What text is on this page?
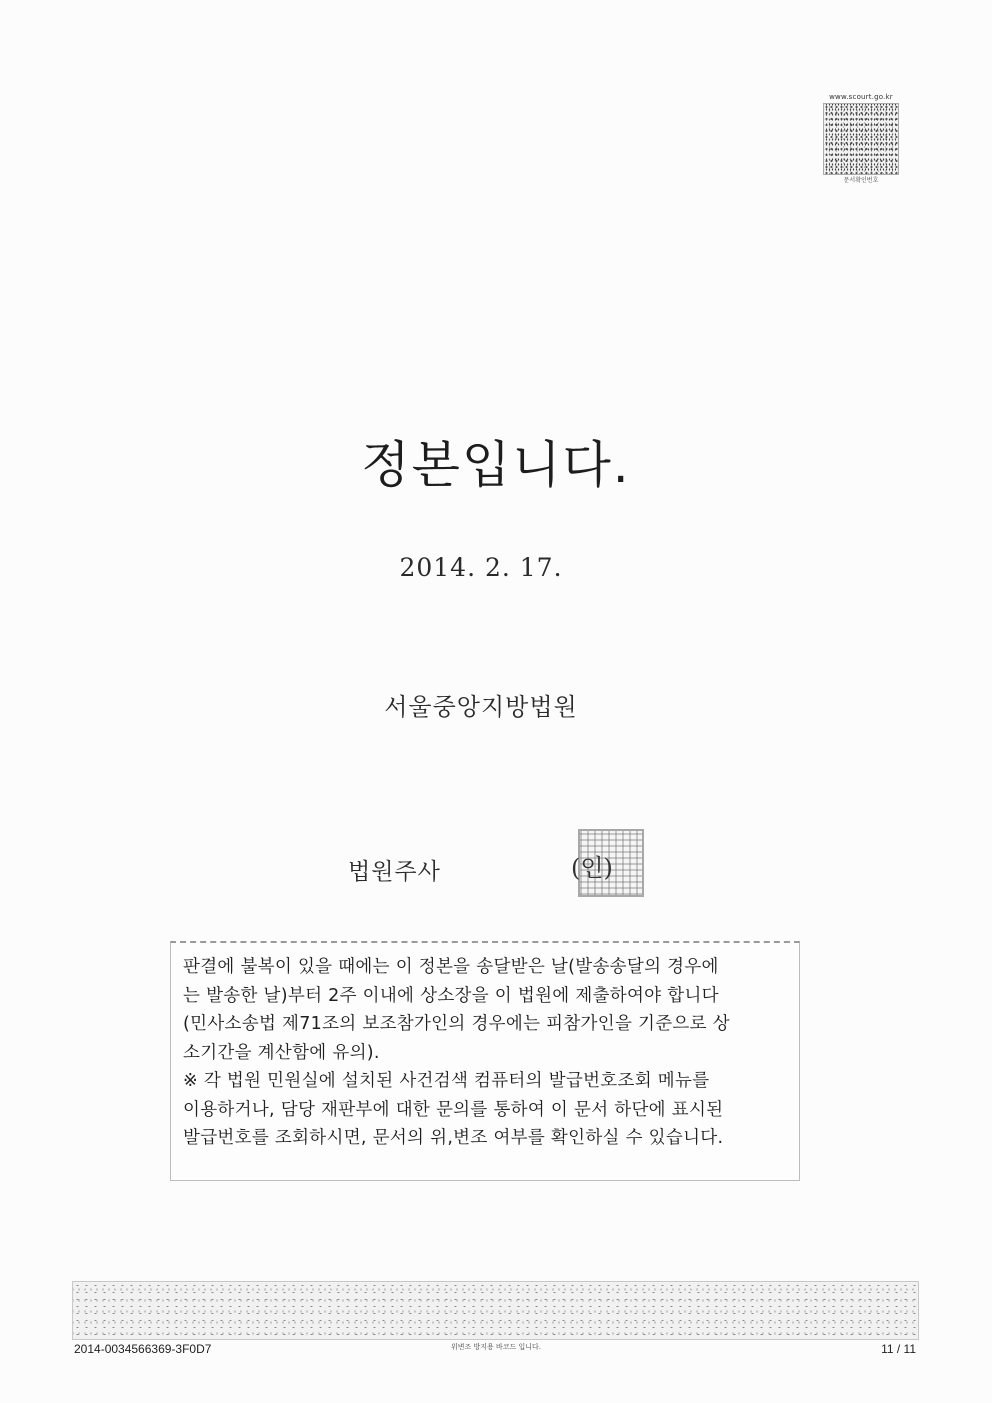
www.scourt.go.kr
문서확인번호
정본입니다.
2014. 2. 17.
서울중앙지방법원
법원주사	(인)
판결에 불복이 있을 때에는 이 정본을 송달받은 날(발송송달의 경우에
는 발송한 날)부터 2주 이내에 상소장을 이 법원에 제출하여야 합니다
(민사소송법 제71조의 보조참가인의 경우에는 피참가인을 기준으로 상
소기간을 계산함에 유의).
※ 각 법원 민원실에 설치된 사건검색 컴퓨터의 발급번호조회 메뉴를
이용하거나, 담당 재판부에 대한 문의를 통하여 이 문서 하단에 표시된
발급번호를 조회하시면, 문서의 위,변조 여부를 확인하실 수 있습니다.
2014-0034566369-3F0D7	위변조 방지용 바코드 입니다.	11 / 11
